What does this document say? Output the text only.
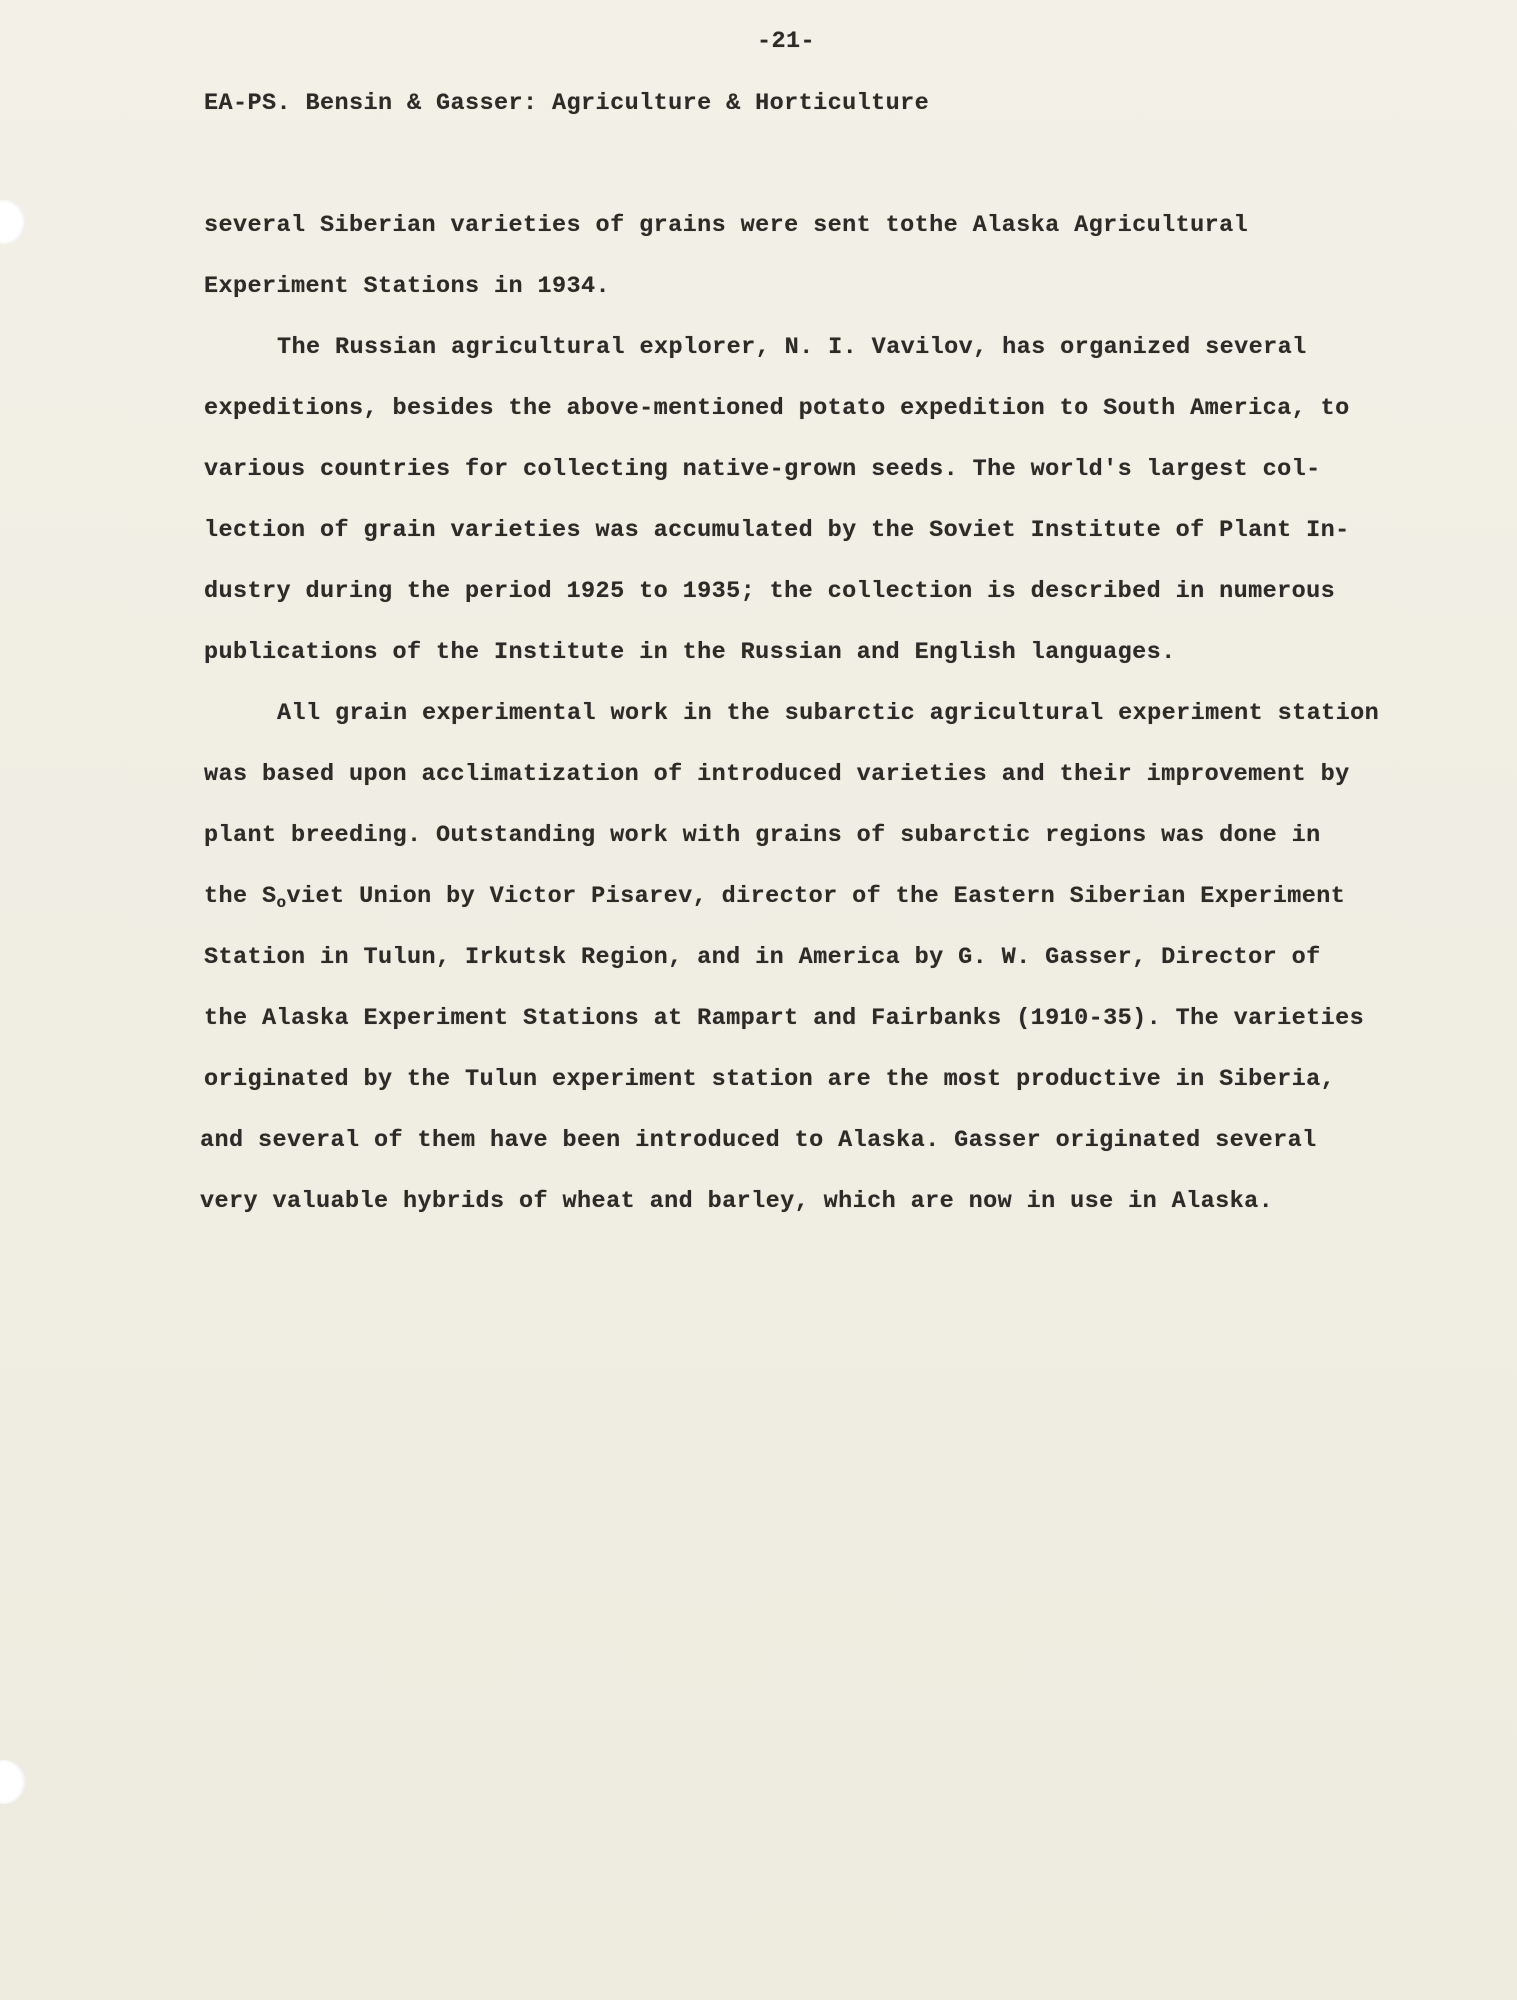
-21-
EA-PS. Bensin & Gasser: Agriculture & Horticulture
several Siberian varieties of grains were sent tothe Alaska Agricultural
Experiment Stations in 1934.
The Russian agricultural explorer, N. I. Vavilov, has organized several
expeditions, besides the above-mentioned potato expedition to South America, to
various countries for collecting native-grown seeds. The world's largest col-
lection of grain varieties was accumulated by the Soviet Institute of Plant In-
dustry during the period 1925 to 1935; the collection is described in numerous
publications of the Institute in the Russian and English languages.
All grain experimental work in the subarctic agricultural experiment station
was based upon acclimatization of introduced varieties and their improvement by
plant breeding. Outstanding work with grains of subarctic regions was done in
the $S_oviet$ Union by Victor Pisarev, director of the Eastern Siberian Experiment
Station in Tulun, Irkutsk Region, and in America by G. W. Gasser, Director of
the Alaska Experiment Stations at Rampart and Fairbanks (1910-35). The varieties
originated by the Tulun experiment station are the most productive in Siberia,
and several of them have been introduced to Alaska. Gasser originated several
very valuable hybrids of wheat and barley, which are now in use in Alaska.
